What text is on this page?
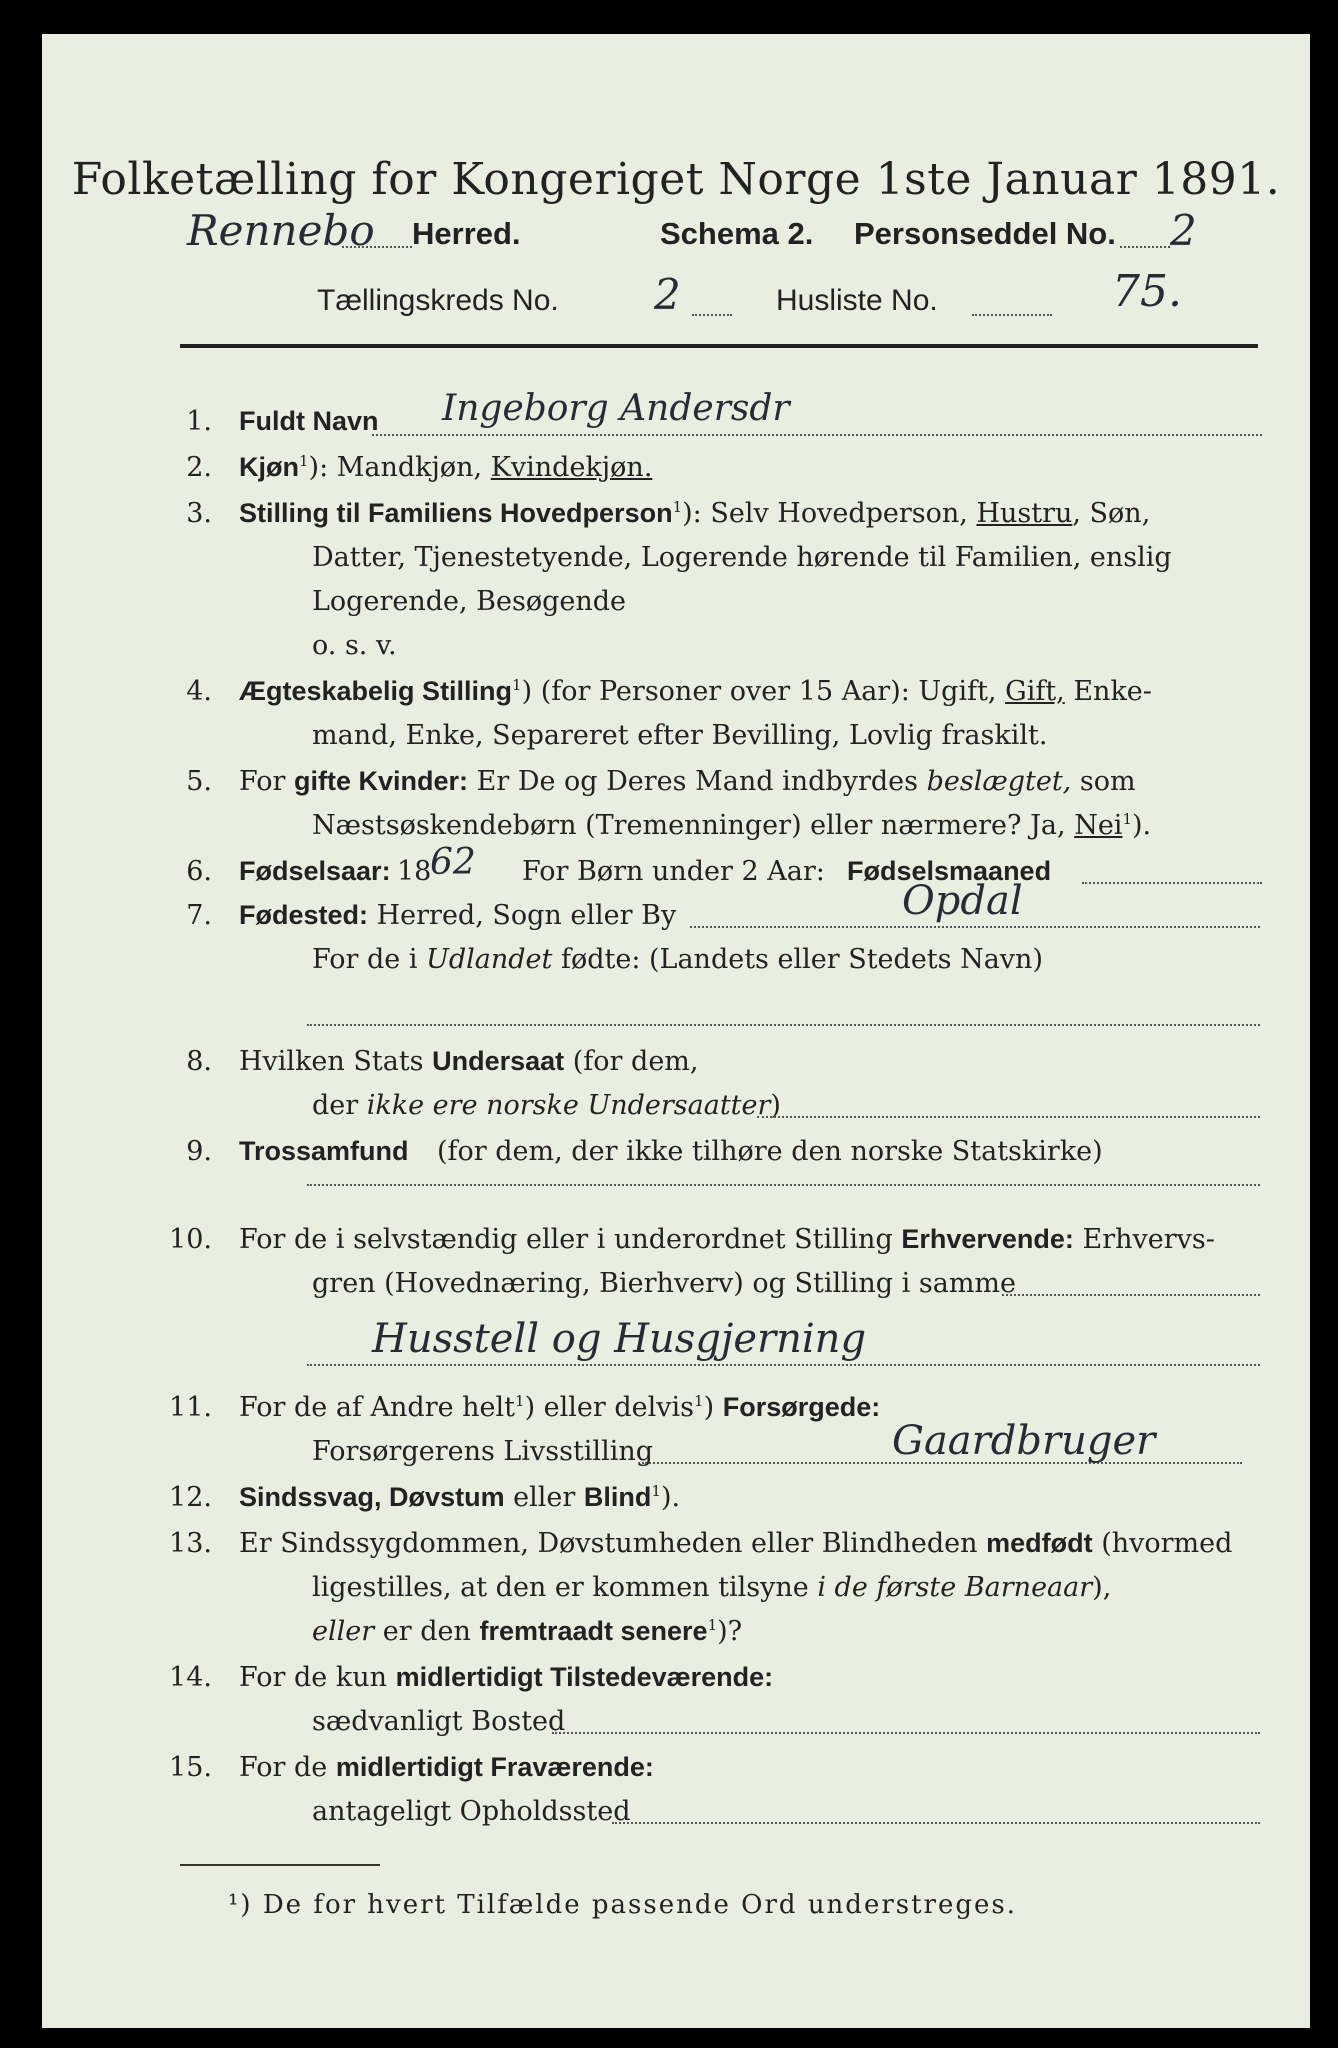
Folketælling for Kongeriget Norge 1ste Januar 1891.
Rennebo Herred.	Schema 2. Personseddel No. 2
Tællingskreds No. 2	Husliste No.	75.
1. Fuldt Navn Ingeborg Andersdr
2. Kjøn$^1$): Mandkjøn, Kvindekjøn.
3. Stilling til Familiens Hovedperson$^1$): Selv Hovedperson, Hustru, Søn,
Datter, Tjenestetyende, Logerende hørende til Familien, enslig
Logerende, Besøgende
o. s. v.
4. Ægteskabelig Stilling$^1$) (for Personer over 15 Aar): Ugift, Gift, Enke-
mand, Enke, Separeret efter Bevilling, Lovlig fraskilt.
5. For gifte Kvinder: Er De og Deres Mand indbyrdes beslægtet, som
Næstsøskendebørn (Tremenninger) eller nærmere? Ja, Nei$^1$).
6. Fødselsaar: 18
62 For Børn under 2 Aar: Fødselsmaaned
7. Fødested: Herred, Sogn eller By	Opdal
For de i Udlandet fødte: (Landets eller Stedets Navn)
8. Hvilken Stats Undersaat (for dem,
der ikke ere norske Undersaatter)
9. Trossamfund (for dem, der ikke tilhøre den norske Statskirke)
10. For de i selvstændig eller i underordnet Stilling Erhvervende: Erhvervs-
gren (Hovednæring, Bierhverv) og Stilling i samme
Husstell og Husgjerning
11. For de af Andre helt$^1$) eller delvis$^1$) Forsørgede:
Forsørgerens Livsstilling	Gaardbruger
12. Sindssvag, Døvstum eller Blind$^1$).
13. Er Sindssygdommen, Døvstumheden eller Blindheden medfødt (hvormed
ligestilles, at den er kommen tilsyne i de første Barneaar),
eller er den fremtraadt senere$^1$)?
14. For de kun midlertidigt Tilstedeværende:
sædvanligt Bosted
15. For de midlertidigt Fraværende:
antageligt Opholdssted
¹) De for hvert Tilfælde passende Ord understreges.
